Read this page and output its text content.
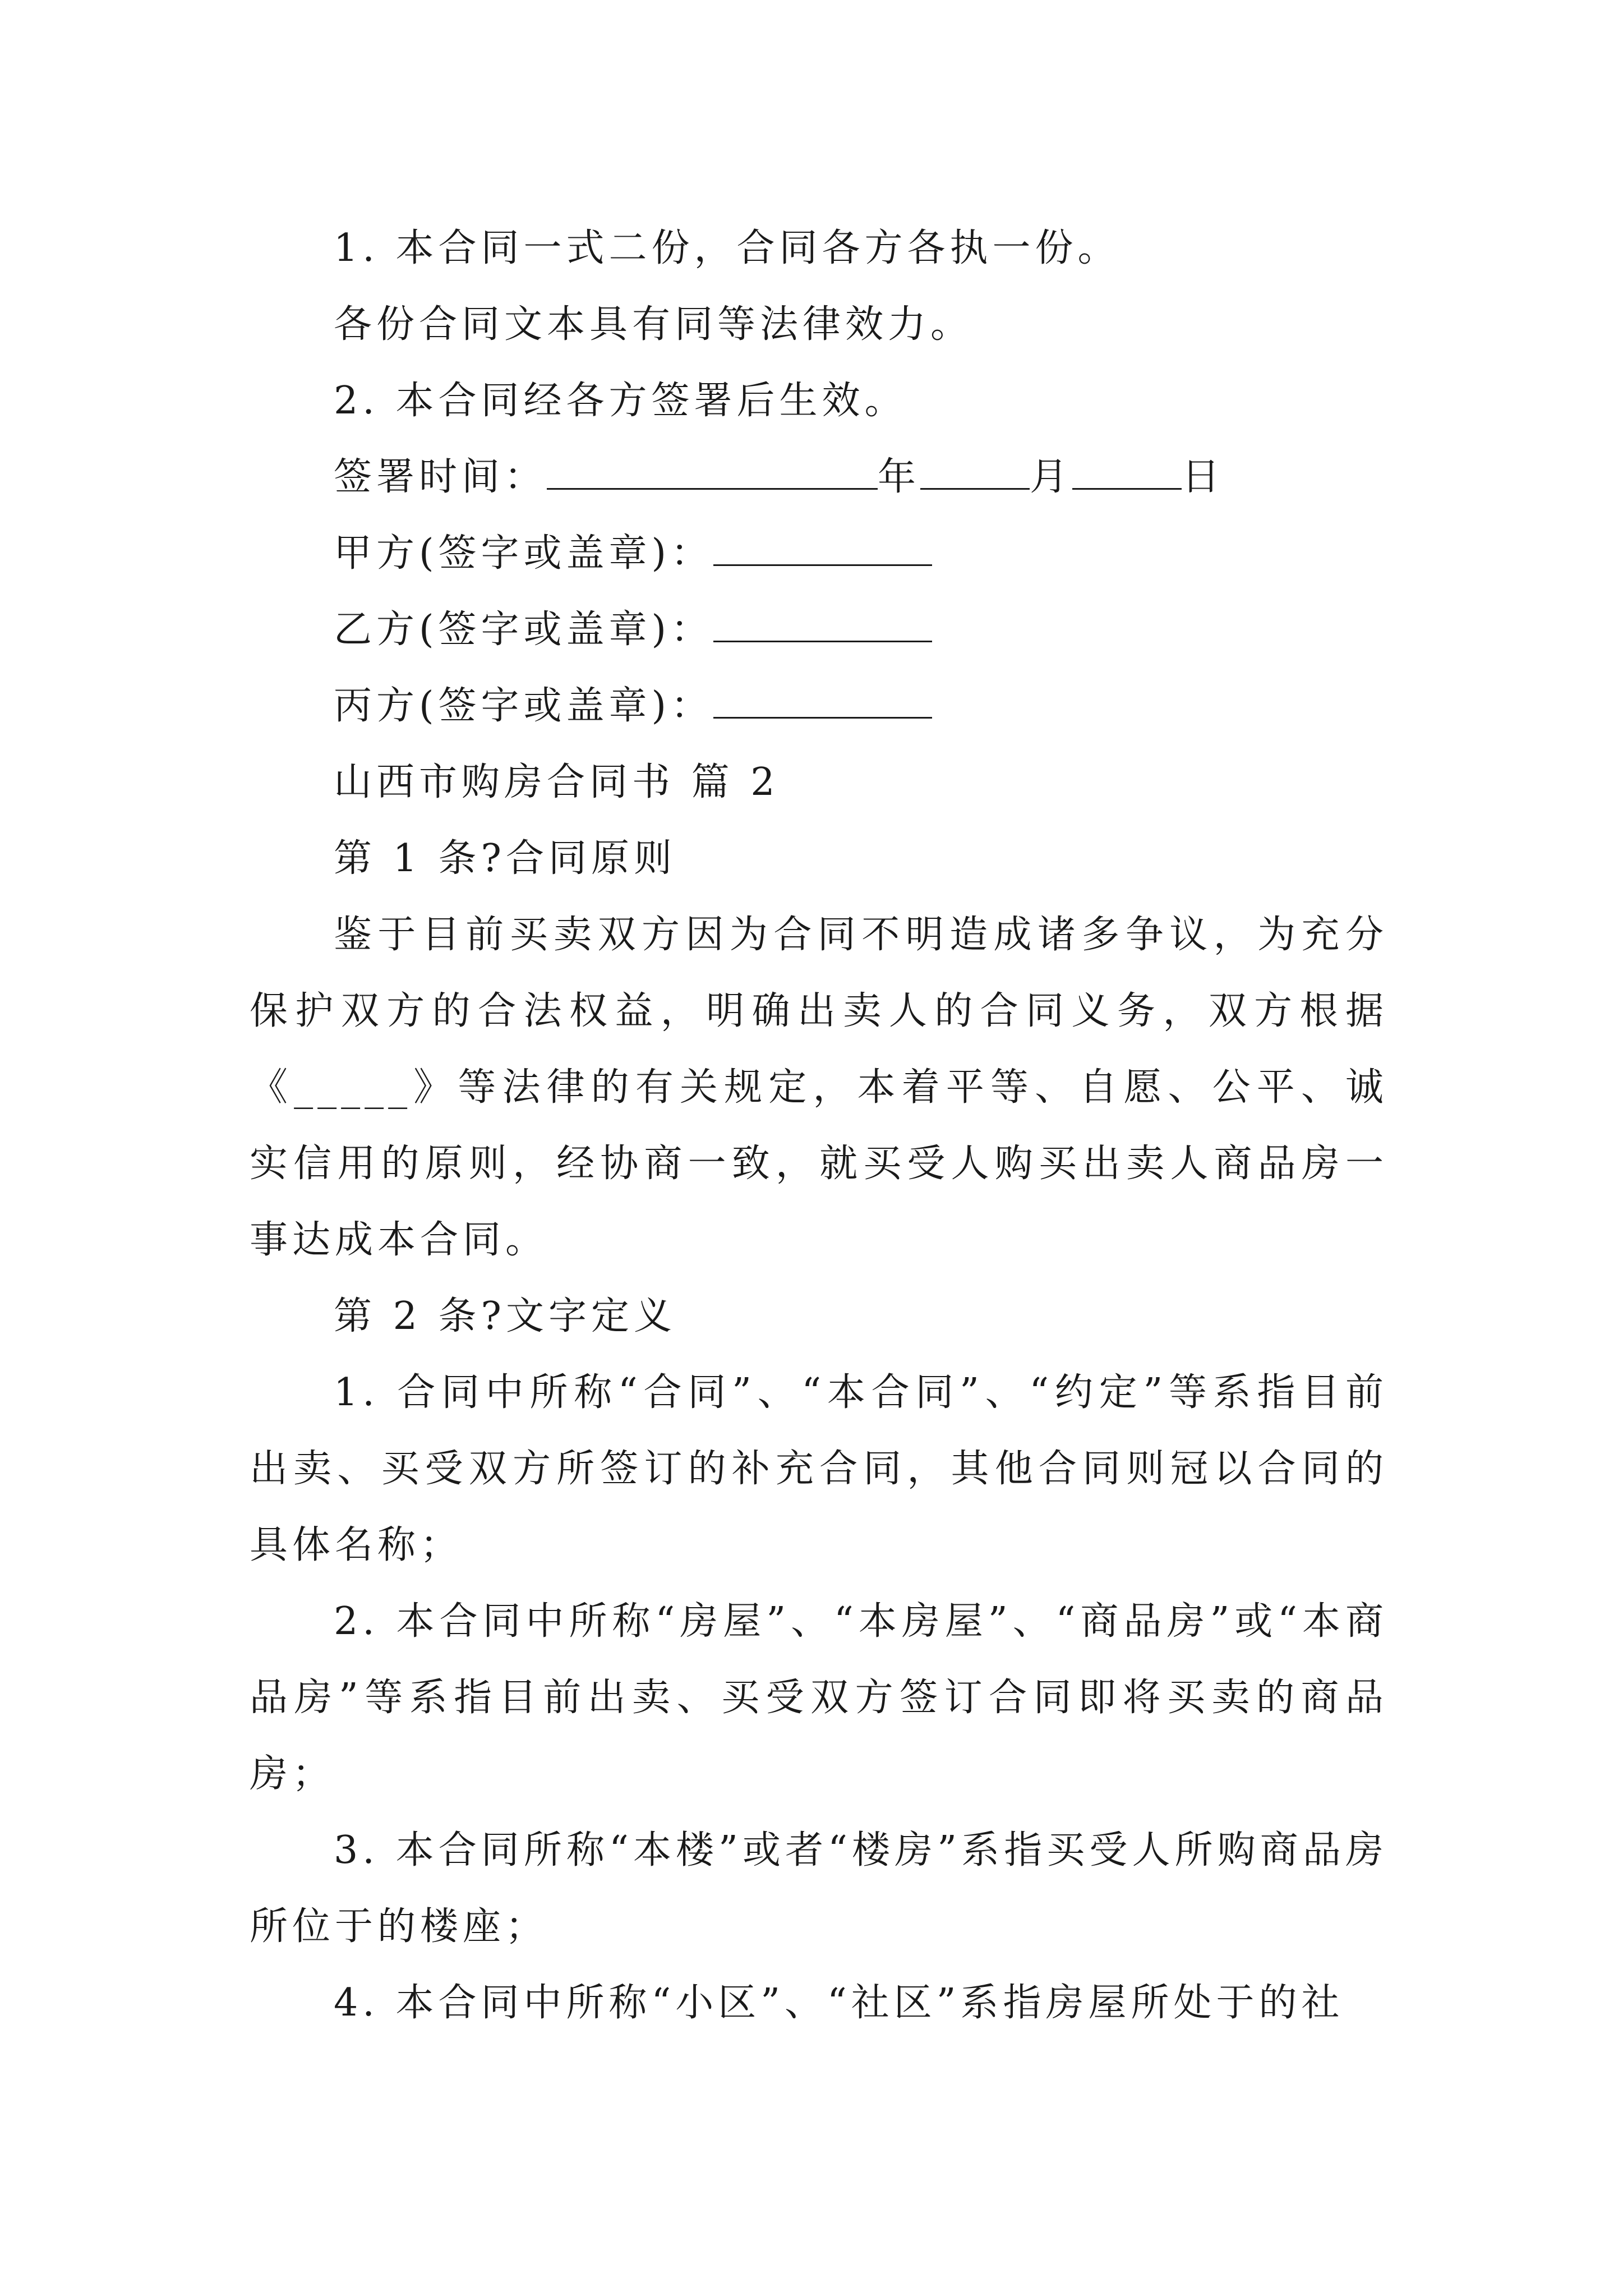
1. 本合同一式二份，合同各方各执一份。
各份合同文本具有同等法律效力。
2. 本合同经各方签署后生效。
签署时间：	年	月	日
甲方(签字或盖章)：
乙方(签字或盖章)：
丙方(签字或盖章)：
山西市购房合同书 篇 2
第 1 条?合同原则
鉴于目前买卖双方因为合同不明造成诸多争议，为充分保护双方的合法权益，明确出卖人的合同义务，双方根据《_____》等法律的有关规定，本着平等、自愿、公平、诚实信用的原则，经协商一致，就买受人购买出卖人商品房一事达成本合同。
第 2 条?文字定义
1. 合同中所称“合同”、“本合同”、“约定”等系指目前出卖、买受双方所签订的补充合同，其他合同则冠以合同的具体名称；
2. 本合同中所称“房屋”、“本房屋”、“商品房”或“本商品房”等系指目前出卖、买受双方签订合同即将买卖的商品房；
3. 本合同所称“本楼”或者“楼房”系指买受人所购商品房所位于的楼座；
4. 本合同中所称“小区”、“社区”系指房屋所处于的社
